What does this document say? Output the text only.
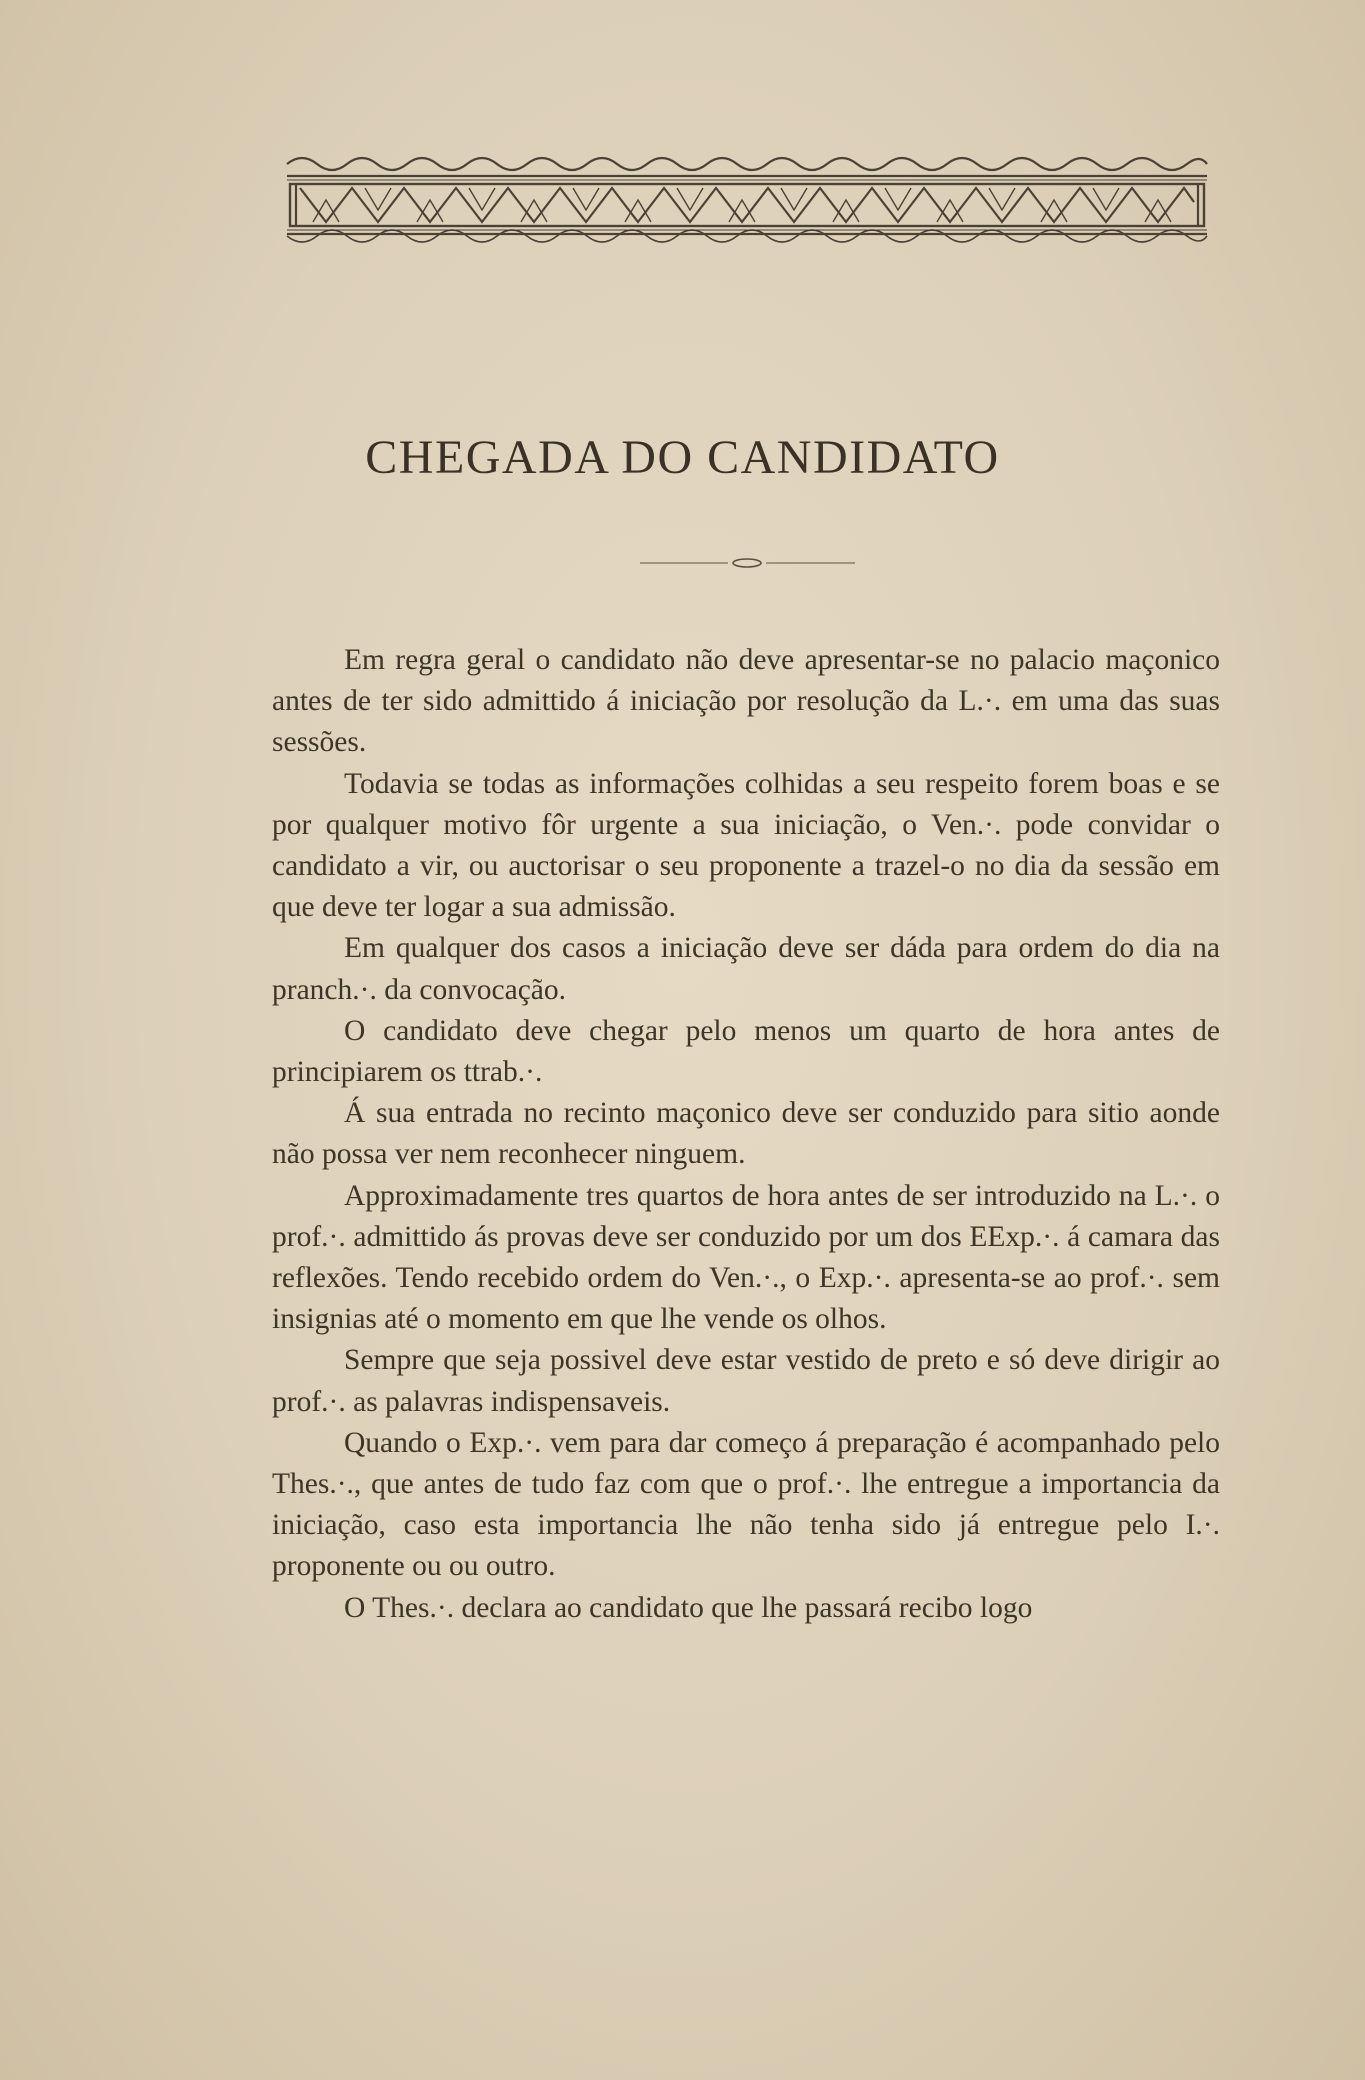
CHEGADA DO CANDIDATO

Em regra geral o candidato não deve apresentar-se no palacio maçonico antes de ter sido admittido á iniciação por resolução da L.·. em uma das suas sessões.

Todavia se todas as informações colhidas a seu respeito forem boas e se por qualquer motivo fôr urgente a sua iniciação, o Ven.·. pode convidar o candidato a vir, ou auctorisar o seu proponente a trazel-o no dia da sessão em que deve ter logar a sua admissão.

Em qualquer dos casos a iniciação deve ser dáda para ordem do dia na pranch.·. da convocação.

O candidato deve chegar pelo menos um quarto de hora antes de principiarem os ttrab.·.

Á sua entrada no recinto maçonico deve ser conduzido para sitio aonde não possa ver nem reconhecer ninguem.

Approximadamente tres quartos de hora antes de ser introduzido na L.·. o prof.·. admittido ás provas deve ser conduzido por um dos EExp.·. á camara das reflexões. Tendo recebido ordem do Ven.·., o Exp.·. apresenta-se ao prof.·. sem insignias até o momento em que lhe vende os olhos.

Sempre que seja possivel deve estar vestido de preto e só deve dirigir ao prof.·. as palavras indispensaveis.

Quando o Exp.·. vem para dar começo á preparação é acompanhado pelo Thes.·., que antes de tudo faz com que o prof.·. lhe entregue a importancia da iniciação, caso esta importancia lhe não tenha sido já entregue pelo I.·. proponente ou ou outro.

O Thes.·. declara ao candidato que lhe passará recibo logo
